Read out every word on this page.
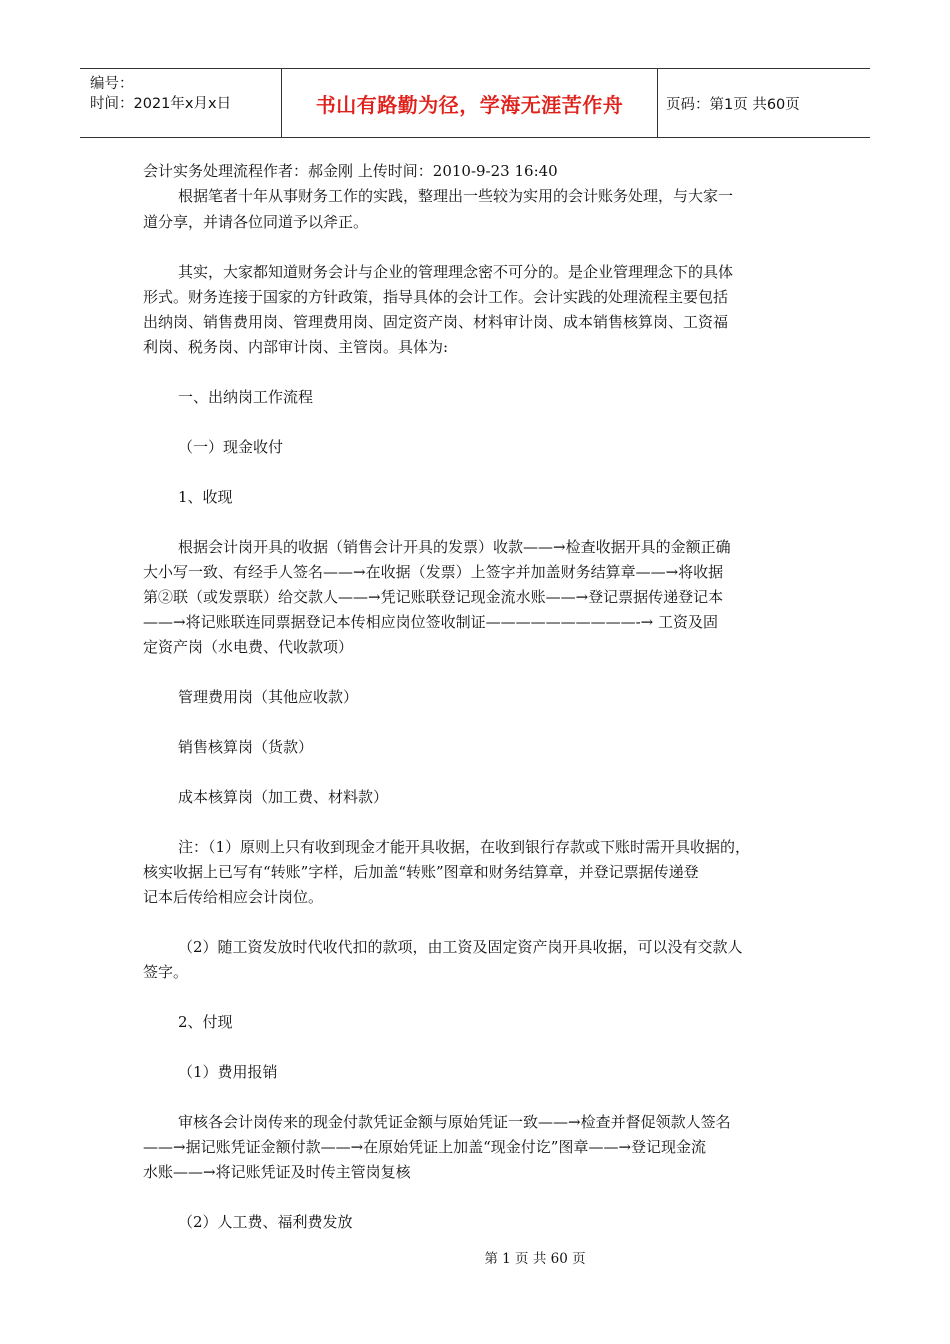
编号：
时间：2021年x月x日	书山有路勤为径，学海无涯苦作舟	页码：第1页 共60页
会计实务处理流程作者：郝金刚 上传时间：2010-9-23 16:40
根据笔者十年从事财务工作的实践，整理出一些较为实用的会计账务处理，与大家一
道分享，并请各位同道予以斧正。
其实，大家都知道财务会计与企业的管理理念密不可分的。是企业管理理念下的具体
形式。财务连接于国家的方针政策，指导具体的会计工作。会计实践的处理流程主要包括
出纳岗、销售费用岗、管理费用岗、固定资产岗、材料审计岗、成本销售核算岗、工资福
利岗、税务岗、内部审计岗、主管岗。具体为:
一、出纳岗工作流程
（一）现金收付
1、收现
根据会计岗开具的收据（销售会计开具的发票）收款——→检查收据开具的金额正确
大小写一致、有经手人签名——→在收据（发票）上签字并加盖财务结算章——→将收据
第②联（或发票联）给交款人——→凭记账联登记现金流水账——→登记票据传递登记本
——→将记账联连同票据登记本传相应岗位签收制证——————————-→ 工资及固
定资产岗（水电费、代收款项）
管理费用岗（其他应收款）
销售核算岗（货款）
成本核算岗（加工费、材料款）
注：（1）原则上只有收到现金才能开具收据，在收到银行存款或下账时需开具收据的，
核实收据上已写有“转账”字样，后加盖“转账”图章和财务结算章，并登记票据传递登
记本后传给相应会计岗位。
（2）随工资发放时代收代扣的款项，由工资及固定资产岗开具收据，可以没有交款人
签字。
2、付现
（1）费用报销
审核各会计岗传来的现金付款凭证金额与原始凭证一致——→检查并督促领款人签名
——→据记账凭证金额付款——→在原始凭证上加盖“现金付讫”图章——→登记现金流
水账——→将记账凭证及时传主管岗复核
（2）人工费、福利费发放
第 1 页 共 60 页
